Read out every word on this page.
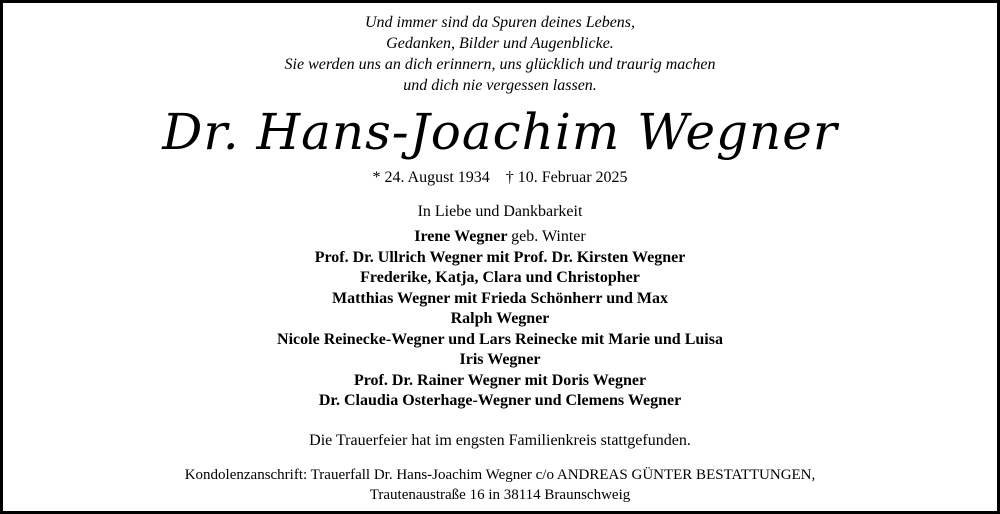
Und immer sind da Spuren deines Lebens,
Gedanken, Bilder und Augenblicke.
Sie werden uns an dich erinnern, uns glücklich und traurig machen
und dich nie vergessen lassen.
Dr. Hans-Joachim Wegner
* 24. August 1934 † 10. Februar 2025
In Liebe und Dankbarkeit
Irene Wegner geb. Winter
Prof. Dr. Ullrich Wegner mit Prof. Dr. Kirsten Wegner
Frederike, Katja, Clara und Christopher
Matthias Wegner mit Frieda Schönherr und Max
Ralph Wegner
Nicole Reinecke-Wegner und Lars Reinecke mit Marie und Luisa
Iris Wegner
Prof. Dr. Rainer Wegner mit Doris Wegner
Dr. Claudia Osterhage-Wegner und Clemens Wegner
Die Trauerfeier hat im engsten Familienkreis stattgefunden.
Kondolenzanschrift: Trauerfall Dr. Hans-Joachim Wegner c/o ANDREAS GÜNTER BESTATTUNGEN,
Trautenaustraße 16 in 38114 Braunschweig
